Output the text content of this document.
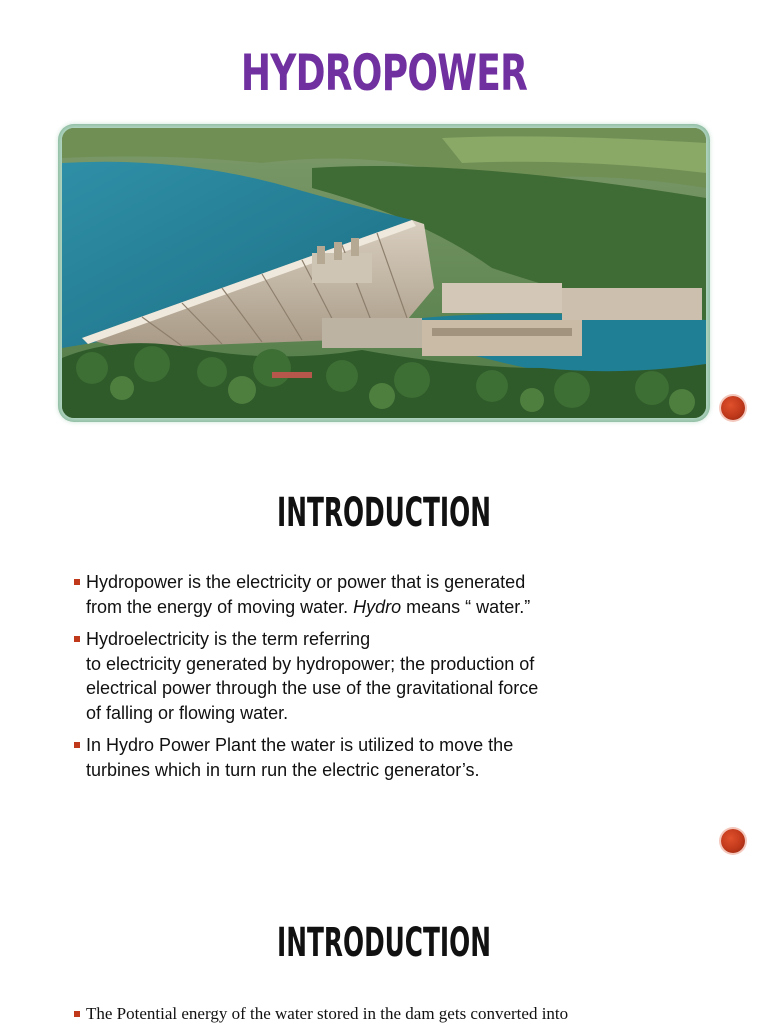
HYDROPOWER
INTRODUCTION
Hydropower is the electricity or power that is generated
from the energy of moving water. Hydro means “ water.”
Hydroelectricity is the term referring
to electricity generated by hydropower; the production of
electrical power through the use of the gravitational force
of falling or flowing water.
In Hydro Power Plant the water is utilized to move the
turbines which in turn run the electric generator’s.
INTRODUCTION
The Potential energy of the water stored in the dam gets converted into
